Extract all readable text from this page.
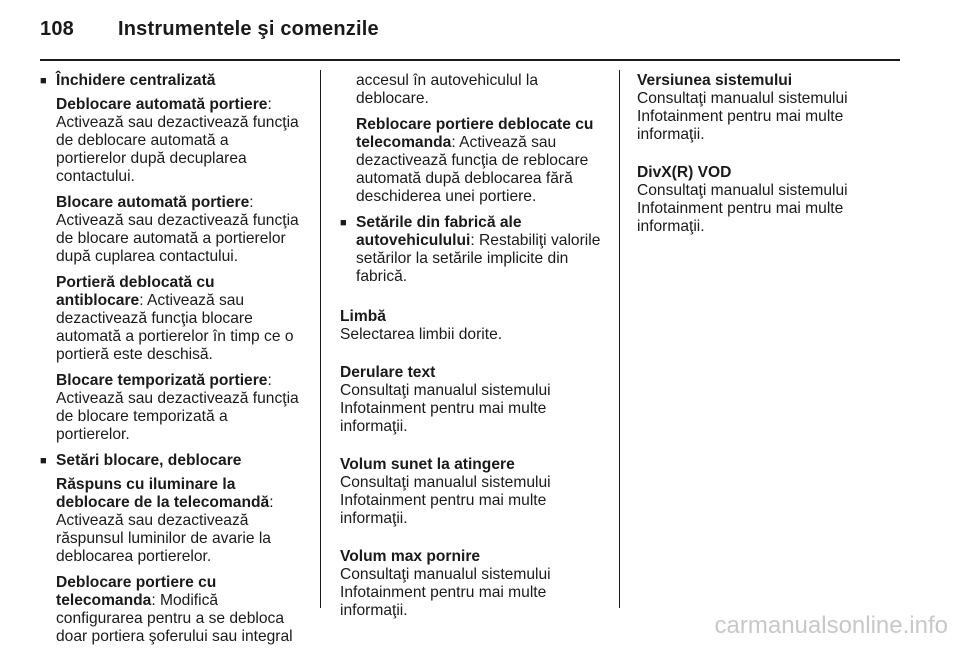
108 Instrumentele şi comenzile
■ Închidere centralizată
Deblocare automată portiere: Activează sau dezactivează funcţia de deblocare automată a portierelor după decuplarea contactului.
Blocare automată portiere: Activează sau dezactivează funcţia de blocare automată a portierelor după cuplarea contactului.
Portieră deblocată cu antiblocare: Activează sau dezactivează funcţia blocare automată a portierelor în timp ce o portieră este deschisă.
Blocare temporizată portiere: Activează sau dezactivează funcţia de blocare temporizată a portierelor.
■ Setări blocare, deblocare
Răspuns cu iluminare la deblocare de la telecomandă: Activează sau dezactivează răspunsul luminilor de avarie la deblocarea portierelor.
Deblocare portiere cu telecomanda: Modifică configurarea pentru a se debloca doar portiera şoferului sau integral
accesul în autovehiculul la deblocare.
Reblocare portiere deblocate cu telecomanda: Activează sau dezactivează funcţia de reblocare automată după deblocarea fără deschiderea unei portiere.
■ Setările din fabrică ale autovehiculului: Restabiliţi valorile setărilor la setările implicite din fabrică.
Limbă
Selectarea limbii dorite.
Derulare text
Consultaţi manualul sistemului Infotainment pentru mai multe informaţii.
Volum sunet la atingere
Consultaţi manualul sistemului Infotainment pentru mai multe informaţii.
Volum max pornire
Consultaţi manualul sistemului Infotainment pentru mai multe informaţii.
Versiunea sistemului
Consultaţi manualul sistemului Infotainment pentru mai multe informaţii.
DivX(R) VOD
Consultaţi manualul sistemului Infotainment pentru mai multe informaţii.
carmanualsonline.info
